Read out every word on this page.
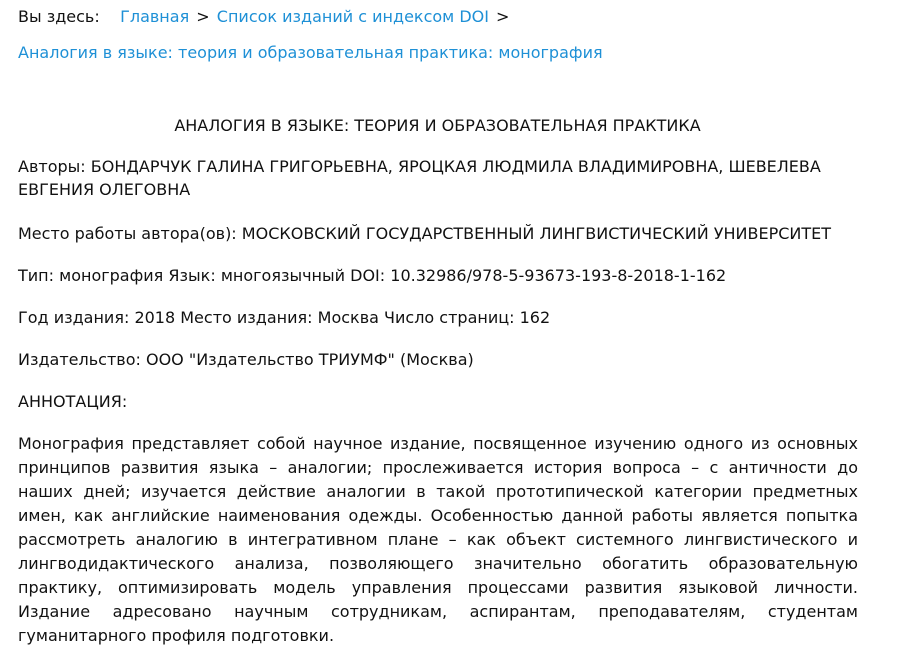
Вы здесь: Главная > Список изданий с индексом DOI >
Аналогия в языке: теория и образовательная практика: монография
АНАЛОГИЯ В ЯЗЫКЕ: ТЕОРИЯ И ОБРАЗОВАТЕЛЬНАЯ ПРАКТИКА
Авторы: БОНДАРЧУК ГАЛИНА ГРИГОРЬЕВНА, ЯРОЦКАЯ ЛЮДМИЛА ВЛАДИМИРОВНА, ШЕВЕЛЕВА ЕВГЕНИЯ ОЛЕГОВНА
Место работы автора(ов): МОСКОВСКИЙ ГОСУДАРСТВЕННЫЙ ЛИНГВИСТИЧЕСКИЙ УНИВЕРСИТЕТ
Тип: монография Язык: многоязычный DOI: 10.32986/978-5-93673-193-8-2018-1-162
Год издания: 2018 Место издания: Москва Число страниц: 162
Издательство: ООО "Издательство ТРИУМФ" (Москва)
АННОТАЦИЯ:
Монография представляет собой научное издание, посвященное изучению одного из основных принципов развития языка – аналогии; прослеживается история вопроса – с античности до наших дней; изучается действие аналогии в такой прототипической категории предметных имен, как английские наименования одежды. Особенностью данной работы является попытка рассмотреть аналогию в интегративном плане – как объект системного лингвистического и лингводидактического анализа, позволяющего значительно обогатить образовательную практику, оптимизировать модель управления процессами развития языковой личности. Издание адресовано научным сотрудникам, аспирантам, преподавателям, студентам гуманитарного профиля подготовки.
